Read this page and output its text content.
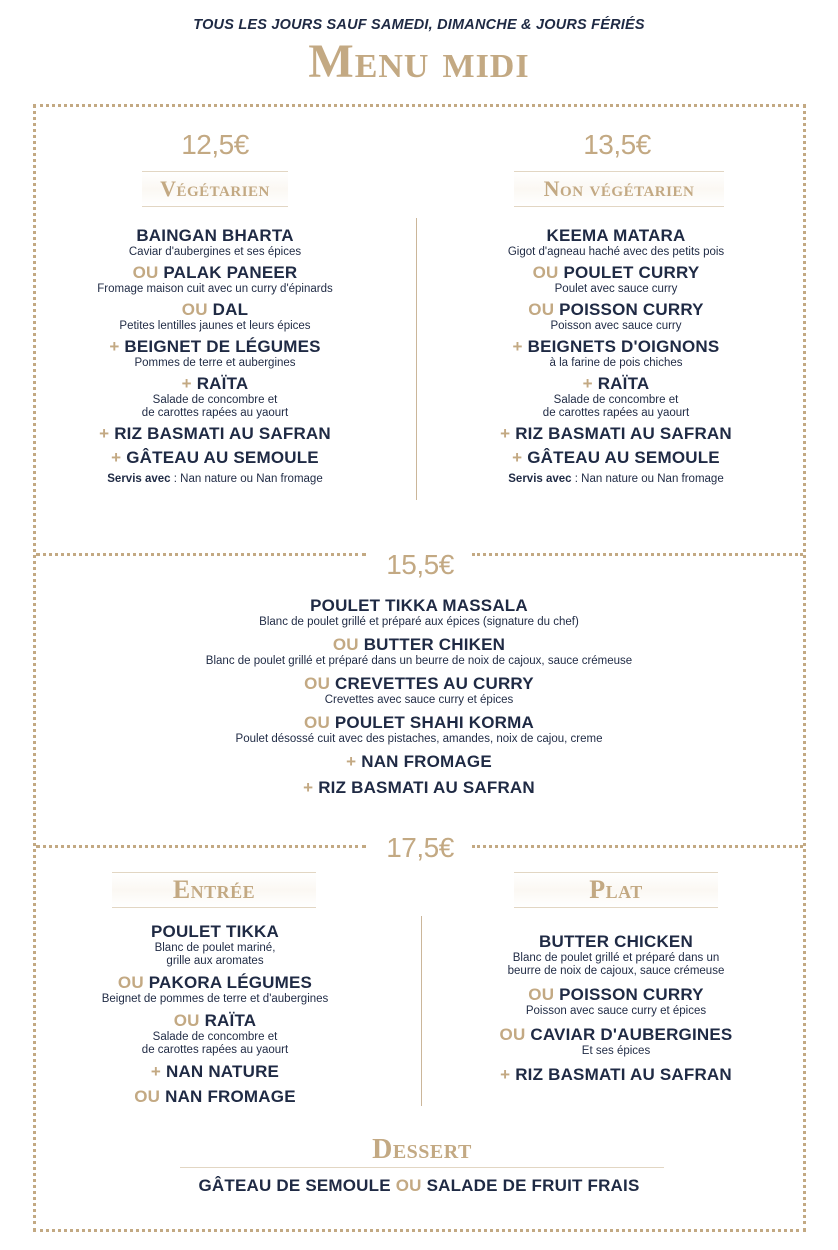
TOUS LES JOURS SAUF SAMEDI, DIMANCHE & JOURS FÉRIÉS
Menu midi
12,5€	13,5€
Végétarien	Non végétarien
BAINGAN BHARTA
Caviar d'aubergines et ses épices
OU PALAK PANEER
Fromage maison cuit avec un curry d'épinards
OU DAL
Petites lentilles jaunes et leurs épices
+ BEIGNET DE LÉGUMES
Pommes de terre et aubergines
+ RAÏTA
Salade de concombre et
de carottes rapées au yaourt
+ RIZ BASMATI AU SAFRAN
+ GÂTEAU AU SEMOULE
Servis avec : Nan nature ou Nan fromage
KEEMA MATARA
Gigot d'agneau haché avec des petits pois
OU POULET CURRY
Poulet avec sauce curry
OU POISSON CURRY
Poisson avec sauce curry
+ BEIGNETS D'OIGNONS
à la farine de pois chiches
+ RAÏTA
Salade de concombre et
de carottes rapées au yaourt
+ RIZ BASMATI AU SAFRAN
+ GÂTEAU AU SEMOULE
Servis avec : Nan nature ou Nan fromage
15,5€
POULET TIKKA MASSALA
Blanc de poulet grillé et préparé aux épices (signature du chef)
OU BUTTER CHIKEN
Blanc de poulet grillé et préparé dans un beurre de noix de cajoux, sauce crémeuse
OU CREVETTES AU CURRY
Crevettes avec sauce curry et épices
OU POULET SHAHI KORMA
Poulet désossé cuit avec des pistaches, amandes, noix de cajou, creme
+ NAN FROMAGE
+ RIZ BASMATI AU SAFRAN
17,5€
Entrée	Plat
POULET TIKKA
Blanc de poulet mariné,
grille aux aromates
OU PAKORA LÉGUMES
Beignet de pommes de terre et d'aubergines
OU RAÏTA
Salade de concombre et
de carottes rapées au yaourt
+ NAN NATURE
OU NAN FROMAGE
BUTTER CHICKEN
Blanc de poulet grillé et préparé dans un
beurre de noix de cajoux, sauce crémeuse
OU POISSON CURRY
Poisson avec sauce curry et épices
OU CAVIAR D'AUBERGINES
Et ses épices
+ RIZ BASMATI AU SAFRAN
Dessert
GÂTEAU DE SEMOULE OU SALADE DE FRUIT FRAIS
